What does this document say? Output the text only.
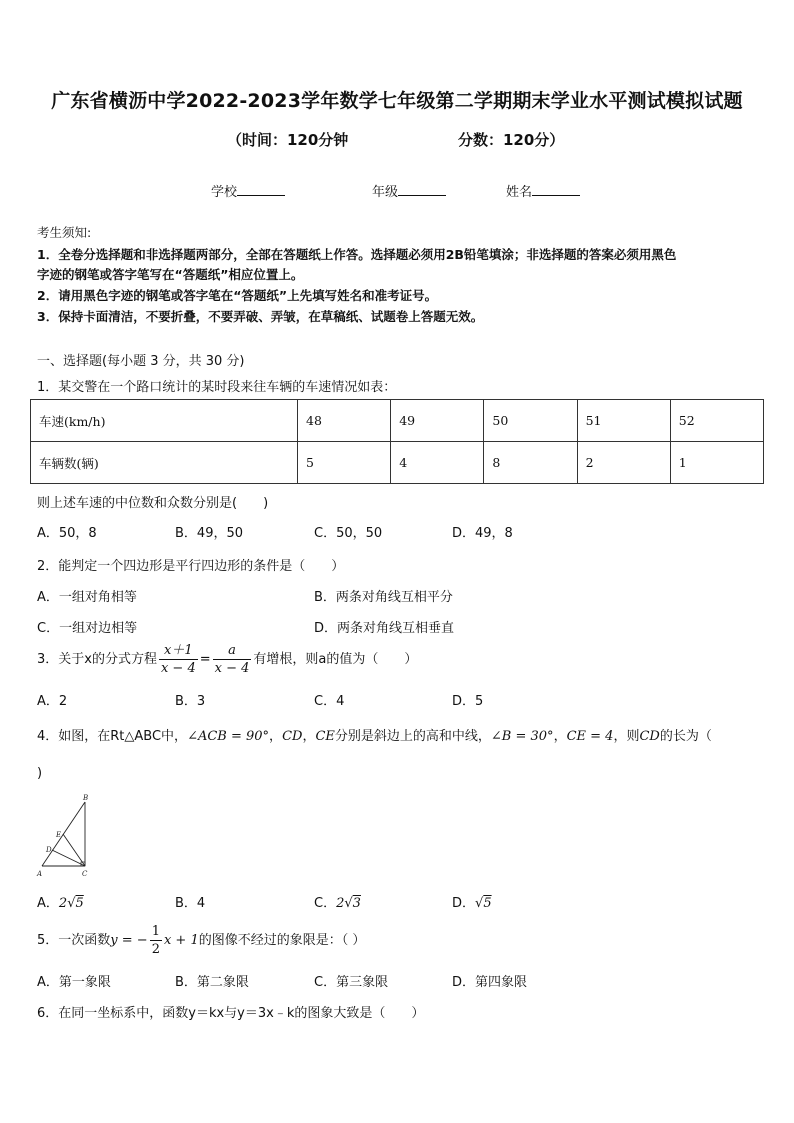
广东省横沥中学2022-2023学年数学七年级第二学期期末学业水平测试模拟试题
（时间：120分钟	分数：120分）
学校	年级	姓名
考生须知:
1．全卷分选择题和非选择题两部分，全部在答题纸上作答。选择题必须用2B铅笔填涂；非选择题的答案必须用黑色
字迹的钢笔或答字笔写在“答题纸”相应位置上。
2．请用黑色字迹的钢笔或答字笔在“答题纸”上先填写姓名和准考证号。
3．保持卡面清洁，不要折叠，不要弄破、弄皱，在草稿纸、试题卷上答题无效。
一、选择题(每小题 3 分，共 30 分)
1．某交警在一个路口统计的某时段来往车辆的车速情况如表：
车速(km/h)	48	49	50	51	52
车辆数(辆)	5	4	8	2	1
则上述车速的中位数和众数分别是(　　)
A．50，8	B．49，50	C．50，50	D．49，8
2．能判定一个四边形是平行四边形的条件是（　　）
A．一组对角相等	B．两条对角线互相平分
C．一组对边相等	D．两条对角线互相垂直
3．关于x的分式方程 $\frac{x+1}{x - 4} = \frac{a}{x - 4}$ 有增根，则a的值为（　　）
A．2	B．3	C．4	D．5
4．如图，在Rt△ABC中，∠ACB = 90°，CD，CE分别是斜边上的高和中线，∠B = 30°，CE = 4，则CD的长为（
)
B
E
D
A	C
A．2√5	B．4	C．2√3	D．√5
5．一次函数y = − $\frac{1}{2}$ x + 1的图像不经过的象限是：（ ）
A．第一象限	B．第二象限	C．第三象限	D．第四象限
6．在同一坐标系中，函数y＝kx与y＝3x﹣k的图象大致是（　　）
